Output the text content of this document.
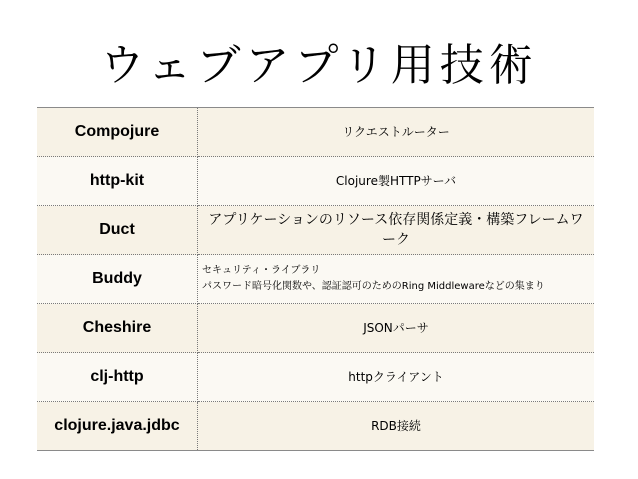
ウェブアプリ用技術
Compojure	リクエストルーター
http-kit	Clojure製HTTPサーバ
Duct	アプリケーションのリソース依存関係定義・構築フレームワーク
Buddy	セキュリティ・ライブラリ
パスワード暗号化関数や、認証認可のためのRing Middlewareなどの集まり

Cheshire	JSONパーサ
clj-http	httpクライアント
clojure.java.jdbc	RDB接続
